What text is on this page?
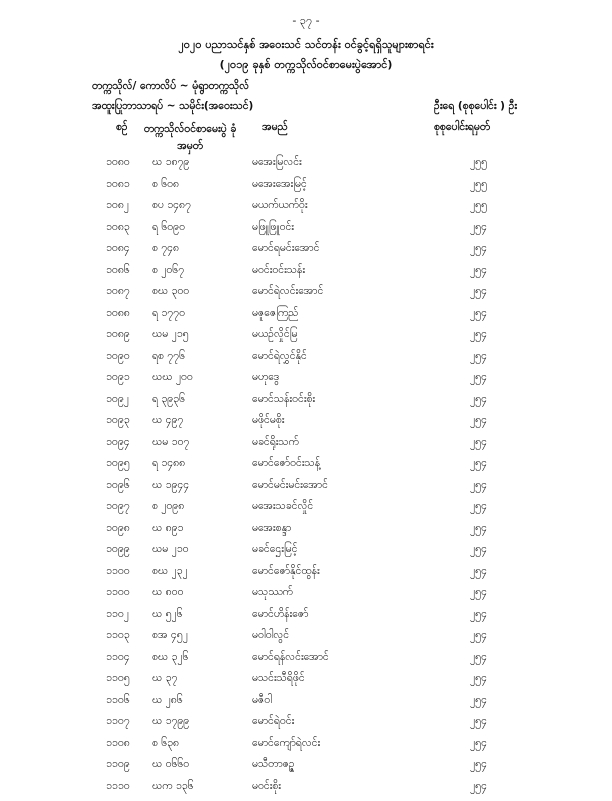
- ၃၇ -
၂၀၂၀ ပညာသင်နှစ် အဝေးသင် သင်တန်း ဝင်ခွင့်ရရှိသူများစာရင်း
(၂၀၁၉ ခုနှစ် တက္ကသိုလ်ဝင်စာမေးပွဲအောင်)
တက္ကသိုလ်/ ကောလိပ် ~ မုံရွာတက္ကသိုလ်
အထူးပြုဘာသာရပ် ~ သမိုင်း(အဝေးသင်)	ဦးရေ (စုစုပေါင်း ) ဦး
စဉ်	တက္ကသိုလ်ဝင်စာမေးပွဲ ခုံအမှတ်
အမည်	စုစုပေါင်းရမှတ်
၁၀၈၀ ဃ ၁၈၇၉	မအေးမြလင်း	၂၅၅
၁၀၈၁ စ ၆၀၈	မအေးအေးမြင့်	၂၅၅
၁၀၈၂ စပ ၁၄၈၇	မယက်ယက်ဝိုး	၂၅၅
၁၀၈၃ ရ ၆၀၉၀	မဖြူဖြူဝင်း	၂၅၄
၁၀၈၄ စ ၇၄၈	မောင်ရမင်းအောင်	၂၅၄
၁၀၈၆ စ ၂၀၆၇	မဝင်းဝင်းသန်း	၂၅၄
၁၀၈၇ စဃ ၃၀၀	မောင်ရဲလင်းအောင်	၂၅၄
၁၀၈၈ ရ ၁၇၇၀	မဇူဇေကြည်	၂၅၄
၁၀၈၉ ဃမ ၂၁၅	မယဉ်လှိုင်မြ	၂၅၄
၁၀၉၀ ရစ ၇၇၆	မောင်ရဲလွှင်နိုင်	၂၅၄
၁၀၉၁ ဃဃ ၂၀၀	မဟုဒွေ	၂၅၄
၁၀၉၂ ရ ၃၉၃၆	မောင်သန်းဝင်းစိုး	၂၅၄
၁၀၉၃ ဃ ၄၉၇	မဖိုင်မစိုး	၂၅၄
၁၀၉၄ ဃမ ၁၀၇	မခင်ရိုးသက်	၂၅၄
၁၀၉၅ ရ ၁၄၈၈	မောင်ဇော်ဝင်းသန့်	၂၅၄
၁၀၉၆ ဃ ၁၉၄၄	မောင်မင်းမင်းအောင်	၂၅၄
၁၀၉၇ စ ၂၀၉၈	မအေးသခင်လှိုင်	၂၅၄
၁၀၉၈ ဃ ၈၉၁	မအေးစန္ဒာ	၂၅၄
၁၀၉၉ ဃမ ၂၁၀	မခင်ဌေးမြင့်	၂၅၄
၁၁၀၀ စဃ ၂၃၂	မောင်ဇော်နိုင်ထွန်း	၂၅၄
၁၁၀၀ ဃ ၈၀၀	မသုဿက်	၂၅၄
၁၁၀၂ ဃ ၅၂၆	မောင်ဟိန်းဇော်	၂၅၄
၁၁၀၃ စအ ၄၅၂	မဝါဝါလွင်	၂၅၄
၁၁၀၄ စဃ ၃၂၆	မောင်ရန်လင်းအောင်	၂၅၄
၁၁၀၅ ဃ ၃၇	မသင်းသီရိဖိုင်	၂၅၄
၁၁၀၆ ဃ ၂၈၆	မဇီဝါ	၂၅၄
၁၁၀၇ ဃ ၁၇၉၉	မောင်ရဲဝင်း	၂၅၄
၁၁၀၈ စ ၆၃၈	မောင်ကျော်ရဲလင်း	၂၅၄
၁၁၀၉ ဃ ၀၆၆၀	မသီတာဇဉ္ဇ	၂၅၄
၁၁၁၀ ဃက ၁၃၆	မဝင်းစိုး	၂၅၄
